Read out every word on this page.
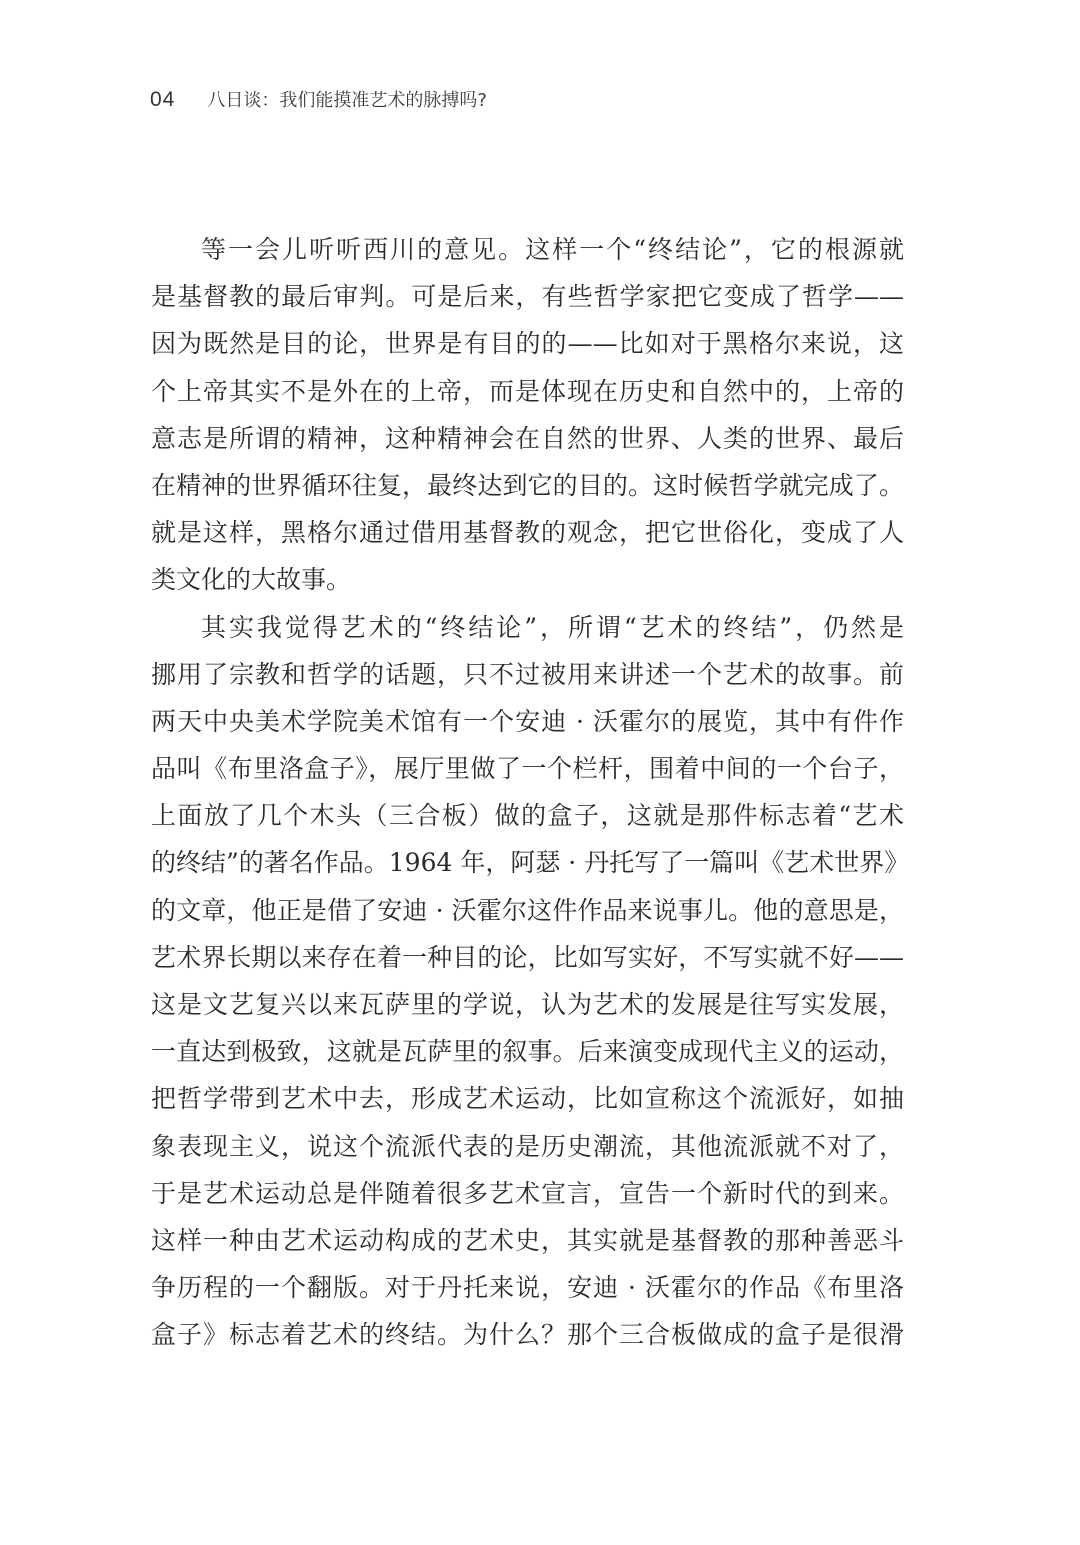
04 八日谈：我们能摸准艺术的脉搏吗?
等一会儿听听西川的意见。这样一个“终结论”，它的根源就
是基督教的最后审判。可是后来，有些哲学家把它变成了哲学——
因为既然是目的论，世界是有目的的——比如对于黑格尔来说，这
个上帝其实不是外在的上帝，而是体现在历史和自然中的，上帝的
意志是所谓的精神，这种精神会在自然的世界、人类的世界、最后
在精神的世界循环往复，最终达到它的目的。这时候哲学就完成了。
就是这样，黑格尔通过借用基督教的观念，把它世俗化，变成了人
类文化的大故事。
其实我觉得艺术的“终结论”，所谓“艺术的终结”，仍然是
挪用了宗教和哲学的话题，只不过被用来讲述一个艺术的故事。前
两天中央美术学院美术馆有一个安迪 · 沃霍尔的展览，其中有件作
品叫《布里洛盒子》，展厅里做了一个栏杆，围着中间的一个台子，
上面放了几个木头（三合板）做的盒子，这就是那件标志着“艺术
的终结”的著名作品。1964 年，阿瑟 · 丹托写了一篇叫《艺术世界》
的文章，他正是借了安迪 · 沃霍尔这件作品来说事儿。他的意思是，
艺术界长期以来存在着一种目的论，比如写实好，不写实就不好——
这是文艺复兴以来瓦萨里的学说，认为艺术的发展是往写实发展，
一直达到极致，这就是瓦萨里的叙事。后来演变成现代主义的运动，
把哲学带到艺术中去，形成艺术运动，比如宣称这个流派好，如抽
象表现主义，说这个流派代表的是历史潮流，其他流派就不对了，
于是艺术运动总是伴随着很多艺术宣言，宣告一个新时代的到来。
这样一种由艺术运动构成的艺术史，其实就是基督教的那种善恶斗
争历程的一个翻版。对于丹托来说，安迪 · 沃霍尔的作品《布里洛
盒子》标志着艺术的终结。为什么？那个三合板做成的盒子是很滑
